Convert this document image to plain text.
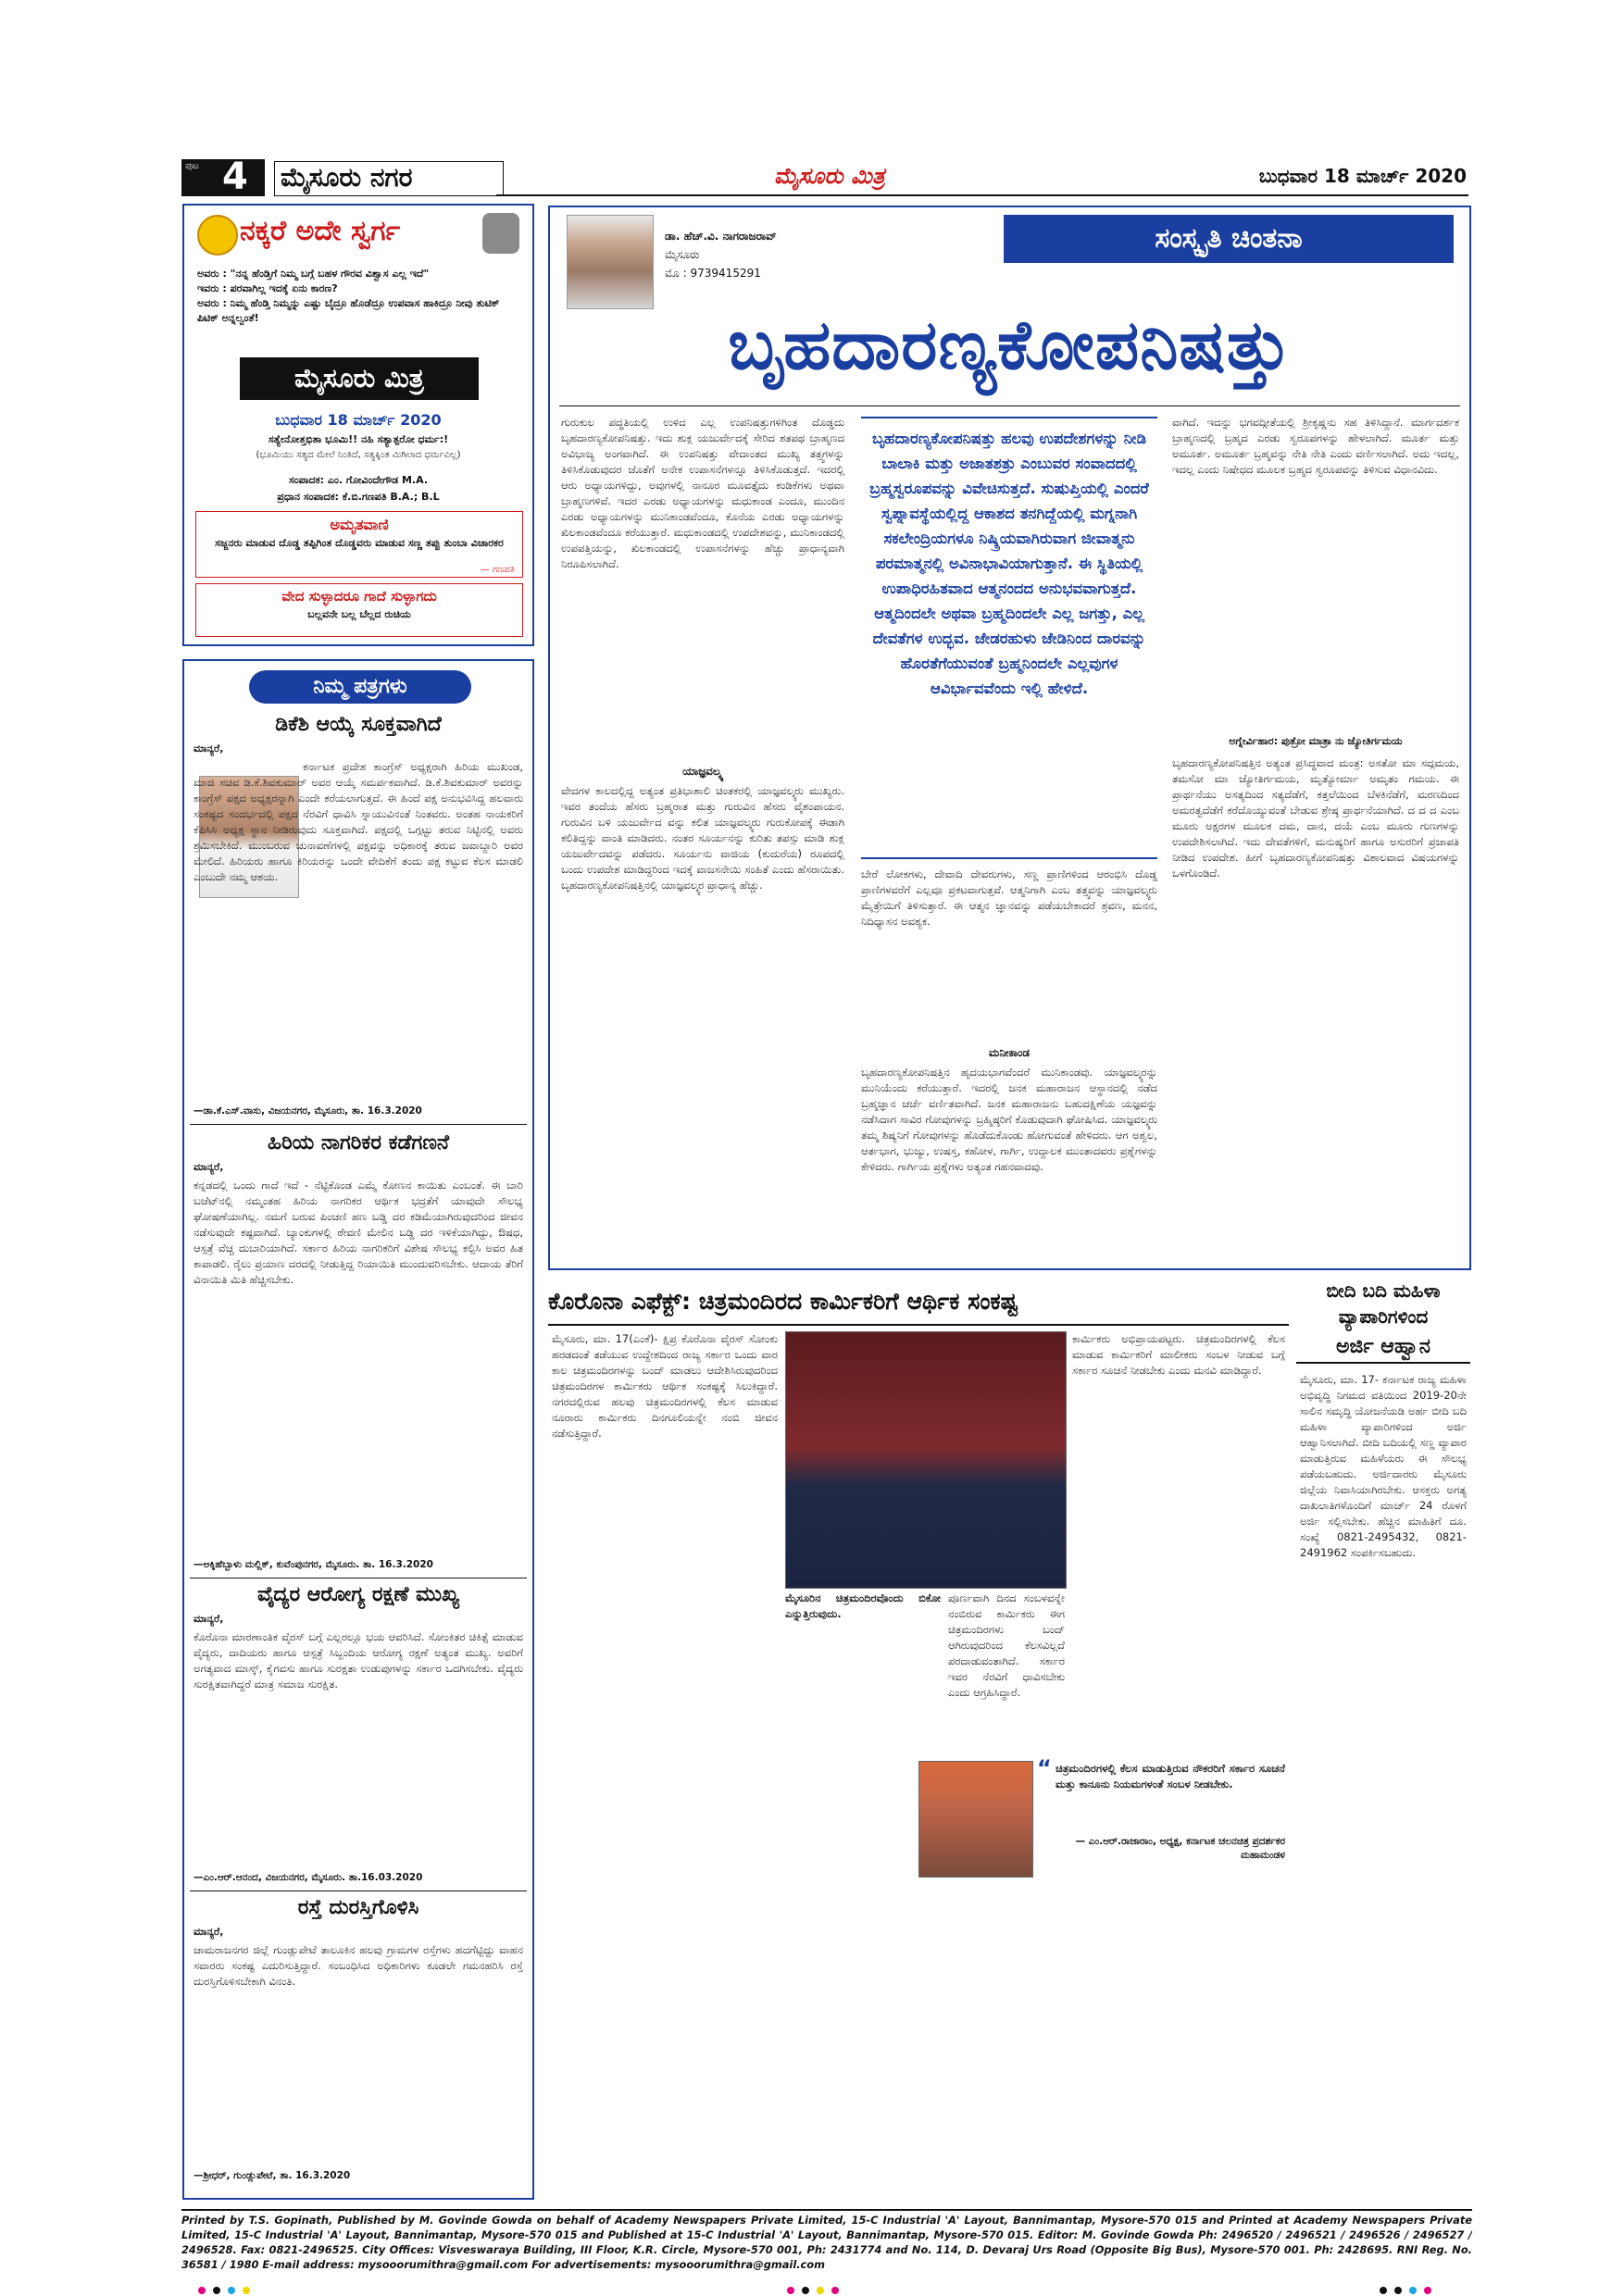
ಪುಟ 4 ಮೈಸೂರು ನಗರ	ಮೈಸೂರು ಮಿತ್ರ	ಬುಧವಾರ 18 ಮಾರ್ಚ್ 2020
ನಕ್ಕರೆ ಅದೇ ಸ್ವರ್ಗ
ಅವರು : "ನನ್ನ ಹೆಂಡ್ತಿಗೆ ನಿಮ್ಮ ಬಗ್ಗೆ ಬಹಳ ಗೌರವ ವಿಶ್ವಾಸ ಎಲ್ಲ ಇದೆ"
ಇವರು : ಪರವಾಗಿಲ್ಲ ಇದಕ್ಕೆ ಏನು ಕಾರಣ?
ಅವರು : ನಿಮ್ಮ ಹೆಂಡ್ತಿ ನಿಮ್ಮನ್ನು ಎಷ್ಟು ಬೈದ್ರೂ ಹೊಡೆದ್ರೂ ಉಪವಾಸ ಹಾಕಿದ್ರೂ ನೀವು ತುಟಿಕ್ ಪಿಟಿಕ್ ಅನ್ನಲ್ವಂತೆ!
ಮೈಸೂರು ಮಿತ್ರ
ಬುಧವಾರ 18 ಮಾರ್ಚ್ 2020
ಸತ್ಯೇನೋತ್ತಭಿತಾ ಭೂಮಿ!! ನಹಿ ಸತ್ಯಾತ್ಪರೋ ಧರ್ಮ:!
(ಭೂಮಿಯು ಸತ್ಯದ ಮೇಲೆ ನಿಂತಿದೆ, ಸತ್ಯಕ್ಕಿಂತ ಮಿಗಿಲಾದ ಧರ್ಮವಿಲ್ಲ)
ಸಂಪಾದಕ: ಎಂ. ಗೋವಿಂದೇಗೌಡ M.A.
ಪ್ರಧಾನ ಸಂಪಾದಕ: ಕೆ.ಬಿ.ಗಣಪತಿ B.A.; B.L
ಅಮೃತವಾಣಿ
ಸಜ್ಜನರು ಮಾಡುವ ದೊಡ್ಡ ತಪ್ಪಿಗಿಂತ ದೊಡ್ಡವರು ಮಾಡುವ ಸಣ್ಣ ತಪ್ಪು ತುಂಬಾ ವಿಚಾರಕರ
— ಗಣಪತಿ
ವೇದ ಸುಳ್ಳಾದರೂ ಗಾದೆ ಸುಳ್ಳಾಗದು
ಬಲ್ಲವನೇ ಬಲ್ಲ ಬೆಲ್ಲದ ರುಚಿಯ
ನಿಮ್ಮ ಪತ್ರಗಳು
ಡಿಕೆಶಿ ಆಯ್ಕೆ ಸೂಕ್ತವಾಗಿದೆ
ಮಾನ್ಯರೆ,
ಕರ್ನಾಟಕ ಪ್ರದೇಶ ಕಾಂಗ್ರೆಸ್ ಅಧ್ಯಕ್ಷರಾಗಿ ಹಿರಿಯ ಮುಖಂಡ, ಮಾಜಿ ಸಚಿವ ಡಿ.ಕೆ.ಶಿವಕುಮಾರ್ ಅವರ ಆಯ್ಕೆ ಸಮರ್ಪಕವಾಗಿದೆ. ಡಿ.ಕೆ.ಶಿವಕುಮಾರ್ ಅವರನ್ನು ಕಾಂಗ್ರೆಸ್ ಪಕ್ಷದ ಅಧ್ಯಕ್ಷರನ್ನಾಗಿ ಎಂದೇ ಕರೆಯಲಾಗುತ್ತದೆ. ಈ ಹಿಂದೆ ಪಕ್ಷ ಅನುಭವಿಸಿದ್ದ ಹಲವಾರು ಸಂಕಷ್ಟದ ಸಂದರ್ಭದಲ್ಲಿ ಪಕ್ಷದ ನೆರವಿಗೆ ಧಾವಿಸಿ ಸ್ನಾಯುವಿನಂತೆ ನಿಂತವರು. ಅಂತಹ ನಾಯಕರಿಗೆ ಕೆಪಿಸಿಸಿ ಅಧ್ಯಕ್ಷ ಸ್ಥಾನ ನೀಡಿರುವುದು ಸೂಕ್ತವಾಗಿದೆ. ಪಕ್ಷದಲ್ಲಿ ಒಗ್ಗಟ್ಟು ತರುವ ನಿಟ್ಟಿನಲ್ಲಿ ಅವರು ಶ್ರಮಿಸಬೇಕಿದೆ. ಮುಂಬರುವ ಚುನಾವಣೆಗಳಲ್ಲಿ ಪಕ್ಷವನ್ನು ಅಧಿಕಾರಕ್ಕೆ ತರುವ ಜವಾಬ್ದಾರಿ ಅವರ ಮೇಲಿದೆ. ಹಿರಿಯರು ಹಾಗೂ ಕಿರಿಯರನ್ನು ಒಂದೇ ವೇದಿಕೆಗೆ ತಂದು ಪಕ್ಷ ಕಟ್ಟುವ ಕೆಲಸ ಮಾಡಲಿ ಎಂಬುದೇ ನಮ್ಮ ಆಶಯ.
—ಡಾ.ಕೆ.ಎಸ್.ವಾಸು, ವಿಜಯನಗರ, ಮೈಸೂರು, ತಾ. 16.3.2020
ಹಿರಿಯ ನಾಗರಿಕರ ಕಡೆಗಣನೆ
ಮಾನ್ಯರೆ,
ಕನ್ನಡದಲ್ಲಿ ಒಂದು ಗಾದೆ ಇದೆ - ನೆಟ್ಟಿಕೊಂಡ ಎಮ್ಮೆ ಕೋಣನ ಕಾಯಿತು ಎಂಬಂತೆ. ಈ ಬಾರಿ ಬಜೆಟ್‌ನಲ್ಲಿ ನಮ್ಮಂತಹ ಹಿರಿಯ ನಾಗರಿಕರ ಆರ್ಥಿಕ ಭದ್ರತೆಗೆ ಯಾವುದೇ ಸೌಲಭ್ಯ ಘೋಷಣೆಯಾಗಿಲ್ಲ. ನಮಗೆ ಬರುವ ಪಿಂಚಣಿ ಹಣ ಬಡ್ಡಿ ದರ ಕಡಿಮೆಯಾಗಿರುವುದರಿಂದ ಜೀವನ ನಡೆಸುವುದೇ ಕಷ್ಟವಾಗಿದೆ. ಬ್ಯಾಂಕುಗಳಲ್ಲಿ ಠೇವಣಿ ಮೇಲಿನ ಬಡ್ಡಿ ದರ ಇಳಿಕೆಯಾಗಿದ್ದು, ಔಷಧ, ಆಸ್ಪತ್ರೆ ವೆಚ್ಚ ದುಬಾರಿಯಾಗಿದೆ. ಸರ್ಕಾರ ಹಿರಿಯ ನಾಗರಿಕರಿಗೆ ವಿಶೇಷ ಸೌಲಭ್ಯ ಕಲ್ಪಿಸಿ ಅವರ ಹಿತ ಕಾಪಾಡಲಿ. ರೈಲು ಪ್ರಯಾಣ ದರದಲ್ಲಿ ನೀಡುತ್ತಿದ್ದ ರಿಯಾಯಿತಿ ಮುಂದುವರಿಸಬೇಕು. ಆದಾಯ ತೆರಿಗೆ ವಿನಾಯಿತಿ ಮಿತಿ ಹೆಚ್ಚಿಸಬೇಕು.
—ಅಕ್ಕಿಹೆಬ್ಬಾಳು ಮಲ್ಲಿಕ್, ಕುವೆಂಪುನಗರ, ಮೈಸೂರು. ತಾ. 16.3.2020
ವೈದ್ಯರ ಆರೋಗ್ಯ ರಕ್ಷಣೆ ಮುಖ್ಯ
ಮಾನ್ಯರೆ,
ಕೊರೊನಾ ಮಾರಣಾಂತಿಕ ವೈರಸ್ ಬಗ್ಗೆ ಎಲ್ಲರಲ್ಲೂ ಭಯ ಆವರಿಸಿದೆ. ಸೋಂಕಿತರ ಚಿಕಿತ್ಸೆ ಮಾಡುವ ವೈದ್ಯರು, ದಾದಿಯರು ಹಾಗೂ ಆಸ್ಪತ್ರೆ ಸಿಬ್ಬಂದಿಯ ಆರೋಗ್ಯ ರಕ್ಷಣೆ ಅತ್ಯಂತ ಮುಖ್ಯ. ಅವರಿಗೆ ಅಗತ್ಯವಾದ ಮಾಸ್ಕ್, ಕೈಗವಸು ಹಾಗೂ ಸುರಕ್ಷತಾ ಉಡುಪುಗಳನ್ನು ಸರ್ಕಾರ ಒದಗಿಸಬೇಕು. ವೈದ್ಯರು ಸುರಕ್ಷಿತವಾಗಿದ್ದರೆ ಮಾತ್ರ ಸಮಾಜ ಸುರಕ್ಷಿತ.
—ಎಂ.ಆರ್.ಆನಂದ, ವಿಜಯನಗರ, ಮೈಸೂರು. ತಾ.16.03.2020
ರಸ್ತೆ ದುರಸ್ತಿಗೊಳಿಸಿ
ಮಾನ್ಯರೆ,
ಚಾಮರಾಜನಗರ ಜಿಲ್ಲೆ ಗುಂಡ್ಲುಪೇಟೆ ತಾಲೂಕಿನ ಹಲವು ಗ್ರಾಮಗಳ ರಸ್ತೆಗಳು ಹದಗೆಟ್ಟಿದ್ದು ವಾಹನ ಸವಾರರು ಸಂಕಷ್ಟ ಎದುರಿಸುತ್ತಿದ್ದಾರೆ. ಸಂಬಂಧಿಸಿದ ಅಧಿಕಾರಿಗಳು ಕೂಡಲೇ ಗಮನಹರಿಸಿ ರಸ್ತೆ ದುರಸ್ತಿಗೊಳಿಸಬೇಕಾಗಿ ವಿನಂತಿ.
—ಶ್ರೀಧರ್, ಗುಂಡ್ಲುಪೇಟೆ, ತಾ. 16.3.2020
ಡಾ. ಹೆಚ್.ವಿ. ನಾಗರಾಜರಾವ್
ಮೈಸೂರು
ಮೊ : 9739415291
ಸಂಸ್ಕೃತಿ ಚಿಂತನಾ
ಬೃಹದಾರಣ್ಯಕೋಪನಿಷತ್ತು
ಗುರುಕುಲ ಪದ್ಧತಿಯಲ್ಲಿ ಉಳಿದ ಎಲ್ಲ ಉಪನಿಷತ್ತುಗಳಿಗಿಂತ ದೊಡ್ಡದು ಬೃಹದಾರಣ್ಯಕೋಪನಿಷತ್ತು. ಇದು ಶುಕ್ಲ ಯಜುರ್ವೇದಕ್ಕೆ ಸೇರಿದ ಶತಪಥ ಬ್ರಾಹ್ಮಣದ ಅವಿಭಾಜ್ಯ ಅಂಗವಾಗಿದೆ. ಈ ಉಪನಿಷತ್ತು ವೇದಾಂತದ ಮುಖ್ಯ ತತ್ತ್ವಗಳನ್ನು ತಿಳಿಸಿಕೊಡುವುದರ ಜೊತೆಗೆ ಅನೇಕ ಉಪಾಸನೆಗಳನ್ನೂ ತಿಳಿಸಿಕೊಡುತ್ತದೆ. ಇದರಲ್ಲಿ ಆರು ಅಧ್ಯಾಯಗಳಿದ್ದು, ಅವುಗಳಲ್ಲಿ ನಾನೂರ ಮೂವತ್ತೈದು ಕಂಡಿಕೆಗಳು ಅಥವಾ ಬ್ರಾಹ್ಮಣಗಳಿವೆ. ಇದರ ಎರಡು ಅಧ್ಯಾಯಗಳನ್ನು ಮಧುಕಾಂಡ ಎಂದೂ, ಮುಂದಿನ ಎರಡು ಅಧ್ಯಾಯಗಳನ್ನು ಮುನಿಕಾಂಡವೆಂದೂ, ಕೊನೆಯ ಎರಡು ಅಧ್ಯಾಯಗಳನ್ನು ಖಿಲಕಾಂಡವೆಂದೂ ಕರೆಯುತ್ತಾರೆ. ಮಧುಕಾಂಡದಲ್ಲಿ ಉಪದೇಶವನ್ನು, ಮುನಿಕಾಂಡದಲ್ಲಿ ಉಪಪತ್ತಿಯನ್ನು, ಖಿಲಕಾಂಡದಲ್ಲಿ ಉಪಾಸನೆಗಳನ್ನು ಹೆಚ್ಚು ಪ್ರಾಧಾನ್ಯವಾಗಿ ನಿರೂಪಿಸಲಾಗಿದೆ.
ಯಾಜ್ಞವಲ್ಕ್ಯ
ವೇದಗಳ ಕಾಲದಲ್ಲಿದ್ದ ಅತ್ಯಂತ ಪ್ರತಿಭಾಶಾಲಿ ಚಿಂತಕರಲ್ಲಿ ಯಾಜ್ಞವಲ್ಕ್ಯರು ಮುಖ್ಯರು. ಇವರ ತಂದೆಯ ಹೆಸರು ಬ್ರಹ್ಮರಾತ ಮತ್ತು ಗುರುವಿನ ಹೆಸರು ವೈಶಂಪಾಯನ. ಗುರುವಿನ ಬಳಿ ಯಜುರ್ವೇದ ವನ್ನು ಕಲಿತ ಯಾಜ್ಞವಲ್ಕ್ಯರು ಗುರುಕೋಪಕ್ಕೆ ಈಡಾಗಿ ಕಲಿತಿದ್ದನ್ನು ವಾಂತಿ ಮಾಡಿದರು. ನಂತರ ಸೂರ್ಯನನ್ನು ಕುರಿತು ತಪಸ್ಸು ಮಾಡಿ ಶುಕ್ಲ ಯಜುರ್ವೇದವನ್ನು ಪಡೆದರು. ಸೂರ್ಯನು ವಾಜಿಯ (ಕುದುರೆಯ) ರೂಪದಲ್ಲಿ ಬಂದು ಉಪದೇಶ ಮಾಡಿದ್ದರಿಂದ ಇದಕ್ಕೆ ವಾಜಸನೇಯಿ ಸಂಹಿತೆ ಎಂದು ಹೆಸರಾಯಿತು. ಬೃಹದಾರಣ್ಯಕೋಪನಿಷತ್ತಿನಲ್ಲಿ ಯಾಜ್ಞವಲ್ಕ್ಯರ ಪ್ರಾಧಾನ್ಯ ಹೆಚ್ಚು.
ಬೃಹದಾರಣ್ಯಕೋಪನಿಷತ್ತು ಹಲವು ಉಪದೇಶಗಳನ್ನು ನೀಡಿ ಬಾಲಾಕಿ ಮತ್ತು ಅಜಾತಶತ್ರು ಎಂಬುವರ ಸಂವಾದದಲ್ಲಿ ಬ್ರಹ್ಮಸ್ವರೂಪವನ್ನು ವಿವೇಚಿಸುತ್ತದೆ. ಸುಷುಪ್ತಿಯಲ್ಲಿ ಎಂದರೆ ಸ್ವಪ್ನಾವಸ್ಥೆಯಲ್ಲಿದ್ದ ಆಕಾಶದ ತನಗಿದ್ದೆಯಲ್ಲಿ ಮಗ್ನನಾಗಿ ಸಕಲೇಂದ್ರಿಯಗಳೂ ನಿಷ್ಕ್ರಿಯವಾಗಿರುವಾಗ ಜೀವಾತ್ಮನು ಪರಮಾತ್ಮನಲ್ಲಿ ಅವಿನಾಭಾವಿಯಾಗುತ್ತಾನೆ. ಈ ಸ್ಥಿತಿಯಲ್ಲಿ ಉಪಾಧಿರಹಿತವಾದ ಆತ್ಮನಂದದ ಅನುಭವವಾಗುತ್ತದೆ. ಆತ್ಮದಿಂದಲೇ ಅಥವಾ ಬ್ರಹ್ಮದಿಂದಲೇ ಎಲ್ಲ ಜಗತ್ತು, ಎಲ್ಲ ದೇವತೆಗಳ ಉದ್ಭವ. ಜೇಡರಹುಳು ಜೇಡಿನಿಂದ ದಾರವನ್ನು ಹೊರತೆಗೆಯುವಂತೆ ಬ್ರಹ್ಮನಿಂದಲೇ ಎಲ್ಲವುಗಳ ಆವಿರ್ಭಾವವೆಂದು ಇಲ್ಲಿ ಹೇಳಿದೆ.
ಬೇರೆ ಲೋಕಗಳು, ದೇವಾದಿ ದೇವರುಗಳು, ಸಣ್ಣ ಪ್ರಾಣಿಗಳಿಂದ ಆರಂಭಿಸಿ ದೊಡ್ಡ ಪ್ರಾಣಿಗಳವರೆಗೆ ಎಲ್ಲವೂ ಪ್ರಕಟವಾಗುತ್ತವೆ. ಆತ್ಮನಿಗಾಗಿ ಎಂಬ ತತ್ತ್ವವನ್ನು ಯಾಜ್ಞವಲ್ಕ್ಯರು ಮೈತ್ರೇಯಿಗೆ ತಿಳಿಸುತ್ತಾರೆ. ಈ ಆತ್ಮನ ಜ್ಞಾನವನ್ನು ಪಡೆಯಬೇಕಾದರೆ ಶ್ರವಣ, ಮನನ, ನಿದಿಧ್ಯಾಸನ ಅವಶ್ಯಕ.
ಮನೀಕಾಂಡ
ಬೃಹದಾರಣ್ಯಕೋಪನಿಷತ್ತಿನ ಹೃದಯಭಾಗವೆಂದರೆ ಮುನಿಕಾಂಡವು. ಯಾಜ್ಞವಲ್ಕ್ಯರನ್ನು ಮುನಿಯೆಂದು ಕರೆಯುತ್ತಾರೆ. ಇದರಲ್ಲಿ ಜನಕ ಮಹಾರಾಜನ ಆಸ್ಥಾನದಲ್ಲಿ ನಡೆದ ಬ್ರಹ್ಮಜ್ಞಾನ ಚರ್ಚೆ ವರ್ಣಿತವಾಗಿದೆ. ಜನಕ ಮಹಾರಾಜನು ಬಹುದಕ್ಷಿಣೆಯ ಯಜ್ಞವನ್ನು ನಡೆಸಿದಾಗ ಸಾವಿರ ಗೋವುಗಳನ್ನು ಬ್ರಹ್ಮಿಷ್ಠರಿಗೆ ಕೊಡುವುದಾಗಿ ಘೋಷಿಸಿದ. ಯಾಜ್ಞವಲ್ಕ್ಯರು ತಮ್ಮ ಶಿಷ್ಯನಿಗೆ ಗೋವುಗಳನ್ನು ಹೊಡೆದುಕೊಂಡು ಹೋಗುವಂತೆ ಹೇಳಿದರು. ಆಗ ಅಶ್ವಲ, ಆರ್ತಭಾಗ, ಭುಜ್ಯು, ಉಷಸ್ತ, ಕಹೋಳ, ಗಾರ್ಗಿ, ಉದ್ದಾಲಕ ಮುಂತಾದವರು ಪ್ರಶ್ನೆಗಳನ್ನು ಕೇಳಿದರು. ಗಾರ್ಗಿಯ ಪ್ರಶ್ನೆಗಳು ಅತ್ಯಂತ ಗಹನವಾದವು.
ವಾಗಿದೆ. ಇದನ್ನು ಭಗವದ್ಗೀತೆಯಲ್ಲಿ ಶ್ರೀಕೃಷ್ಣನು ಸಹ ತಿಳಿಸಿದ್ದಾನೆ. ಮಾರ್ಗದರ್ಶಕ ಬ್ರಾಹ್ಮಣದಲ್ಲಿ ಬ್ರಹ್ಮದ ಎರಡು ಸ್ವರೂಪಗಳನ್ನು ಹೇಳಲಾಗಿದೆ. ಮೂರ್ತ ಮತ್ತು ಅಮೂರ್ತ. ಅಮೂರ್ತ ಬ್ರಹ್ಮವನ್ನು ನೇತಿ ನೇತಿ ಎಂದು ವರ್ಣಿಸಲಾಗಿದೆ. ಅದು ಇದಲ್ಲ, ಇದಲ್ಲ ಎಂದು ನಿಷೇಧದ ಮೂಲಕ ಬ್ರಹ್ಮದ ಸ್ವರೂಪವನ್ನು ತಿಳಿಸುವ ವಿಧಾನವಿದು.
ಅಗ್ನೇರ್ವಿಹಾರ: ಪುತ್ರೋ ಮಾತ್ರಾ ನು ಜ್ಯೋತಿರ್ಗಮಯ
ಬೃಹದಾರಣ್ಯಕೋಪನಿಷತ್ತಿನ ಅತ್ಯಂತ ಪ್ರಸಿದ್ಧವಾದ ಮಂತ್ರ: ಅಸತೋ ಮಾ ಸದ್ಗಮಯ, ತಮಸೋ ಮಾ ಜ್ಯೋತಿರ್ಗಮಯ, ಮೃತ್ಯೋರ್ಮಾ ಅಮೃತಂ ಗಮಯ. ಈ ಪ್ರಾರ್ಥನೆಯು ಅಸತ್ಯದಿಂದ ಸತ್ಯದೆಡೆಗೆ, ಕತ್ತಲೆಯಿಂದ ಬೆಳಕಿನೆಡೆಗೆ, ಮರಣದಿಂದ ಅಮರತ್ವದೆಡೆಗೆ ಕರೆದೊಯ್ಯುವಂತೆ ಬೇಡುವ ಶ್ರೇಷ್ಠ ಪ್ರಾರ್ಥನೆಯಾಗಿದೆ. ದ ದ ದ ಎಂಬ ಮೂರು ಅಕ್ಷರಗಳ ಮೂಲಕ ದಮ, ದಾನ, ದಯೆ ಎಂಬ ಮೂರು ಗುಣಗಳನ್ನು ಉಪದೇಶಿಸಲಾಗಿದೆ. ಇದು ದೇವತೆಗಳಿಗೆ, ಮನುಷ್ಯರಿಗೆ ಹಾಗೂ ಅಸುರರಿಗೆ ಪ್ರಜಾಪತಿ ನೀಡಿದ ಉಪದೇಶ. ಹೀಗೆ ಬೃಹದಾರಣ್ಯಕೋಪನಿಷತ್ತು ವಿಶಾಲವಾದ ವಿಷಯಗಳನ್ನು ಒಳಗೊಂಡಿದೆ.
ಕೊರೊನಾ ಎಫೆಕ್ಟ್: ಚಿತ್ರಮಂದಿರದ ಕಾರ್ಮಿಕರಿಗೆ ಆರ್ಥಿಕ ಸಂಕಷ್ಟ
ಮೈಸೂರು, ಮಾ. 17(ಎಂಕೆ)- ಕ್ಷಿಪ್ರ ಕೊರೊನಾ ವೈರಸ್ ಸೋಂಕು ಹರಡದಂತೆ ತಡೆಯುವ ಉದ್ದೇಶದಿಂದ ರಾಜ್ಯ ಸರ್ಕಾರ ಒಂದು ವಾರ ಕಾಲ ಚಿತ್ರಮಂದಿರಗಳನ್ನು ಬಂದ್ ಮಾಡಲು ಆದೇಶಿಸಿರುವುದರಿಂದ ಚಿತ್ರಮಂದಿರಗಳ ಕಾರ್ಮಿಕರು ಆರ್ಥಿಕ ಸಂಕಷ್ಟಕ್ಕೆ ಸಿಲುಕಿದ್ದಾರೆ. ನಗರದಲ್ಲಿರುವ ಹಲವು ಚಿತ್ರಮಂದಿರಗಳಲ್ಲಿ ಕೆಲಸ ಮಾಡುವ ನೂರಾರು ಕಾರ್ಮಿಕರು ದಿನಗೂಲಿಯನ್ನೇ ನಂಬಿ ಜೀವನ ನಡೆಸುತ್ತಿದ್ದಾರೆ.
ಮೈಸೂರಿನ ಚಿತ್ರಮಂದಿರವೊಂದು ಬಿಕೋ ಎನ್ನುತ್ತಿರುವುದು.
ಪೂರ್ಣವಾಗಿ ದಿನದ ಸಂಬಳವನ್ನೇ ನಂಬಿರುವ ಕಾರ್ಮಿಕರು ಈಗ ಚಿತ್ರಮಂದಿರಗಳು ಬಂದ್ ಆಗಿರುವುದರಿಂದ ಕೆಲಸವಿಲ್ಲದೆ ಪರದಾಡುವಂತಾಗಿದೆ. ಸರ್ಕಾರ ಇವರ ನೆರವಿಗೆ ಧಾವಿಸಬೇಕು ಎಂದು ಆಗ್ರಹಿಸಿದ್ದಾರೆ.
ಕಾರ್ಮಿಕರು ಅಭಿಪ್ರಾಯಪಟ್ಟರು. ಚಿತ್ರಮಂದಿರಗಳಲ್ಲಿ ಕೆಲಸ ಮಾಡುವ ಕಾರ್ಮಿಕರಿಗೆ ಮಾಲೀಕರು ಸಂಬಳ ನೀಡುವ ಬಗ್ಗೆ ಸರ್ಕಾರ ಸೂಚನೆ ನೀಡಬೇಕು ಎಂದು ಮನವಿ ಮಾಡಿದ್ದಾರೆ.
“ ಚಿತ್ರಮಂದಿರಗಳಲ್ಲಿ ಕೆಲಸ ಮಾಡುತ್ತಿರುವ ನೌಕರರಿಗೆ ಸರ್ಕಾರ ಸೂಚನೆ ಮತ್ತು ಕಾನೂನು ನಿಯಮಗಳಂತೆ ಸಂಬಳ ನೀಡಬೇಕು.
— ಎಂ.ಆರ್.ರಾಜಾರಾಂ, ಅಧ್ಯಕ್ಷ, ಕರ್ನಾಟಕ ಚಲನಚಿತ್ರ ಪ್ರದರ್ಶಕರ ಮಹಾಮಂಡಳ
ಬೀದಿ ಬದಿ ಮಹಿಳಾ
ವ್ಯಾಪಾರಿಗಳಿಂದ
ಅರ್ಜಿ ಆಹ್ವಾನ
ಮೈಸೂರು, ಮಾ. 17- ಕರ್ನಾಟಕ ರಾಜ್ಯ ಮಹಿಳಾ ಅಭಿವೃದ್ಧಿ ನಿಗಮದ ವತಿಯಿಂದ 2019-20ನೇ ಸಾಲಿನ ಸಮೃದ್ಧಿ ಯೋಜನೆಯಡಿ ಅರ್ಹ ಬೀದಿ ಬದಿ ಮಹಿಳಾ ವ್ಯಾಪಾರಿಗಳಿಂದ ಅರ್ಜಿ ಆಹ್ವಾನಿಸಲಾಗಿದೆ. ಬೀದಿ ಬದಿಯಲ್ಲಿ ಸಣ್ಣ ವ್ಯಾಪಾರ ಮಾಡುತ್ತಿರುವ ಮಹಿಳೆಯರು ಈ ಸೌಲಭ್ಯ ಪಡೆಯಬಹುದು. ಅರ್ಜಿದಾರರು ಮೈಸೂರು ಜಿಲ್ಲೆಯ ನಿವಾಸಿಯಾಗಿರಬೇಕು. ಆಸಕ್ತರು ಅಗತ್ಯ ದಾಖಲಾತಿಗಳೊಂದಿಗೆ ಮಾರ್ಚ್ 24 ರೊಳಗೆ ಅರ್ಜಿ ಸಲ್ಲಿಸಬೇಕು. ಹೆಚ್ಚಿನ ಮಾಹಿತಿಗೆ ದೂ. ಸಂಖ್ಯೆ 0821-2495432, 0821-2491962 ಸಂಪರ್ಕಿಸಬಹುದು.
Printed by T.S. Gopinath, Published by M. Govinde Gowda on behalf of Academy Newspapers Private Limited, 15-C Industrial 'A' Layout, Bannimantap, Mysore-570 015 and Printed at Academy Newspapers Private Limited, 15-C Industrial 'A' Layout, Bannimantap, Mysore-570 015 and Published at 15-C Industrial 'A' Layout, Bannimantap, Mysore-570 015. Editor: M. Govinde Gowda Ph: 2496520 / 2496521 / 2496526 / 2496527 / 2496528. Fax: 0821-2496525. City Offices: Visveswaraya Building, III Floor, K.R. Circle, Mysore-570 001, Ph: 2431774 and No. 114, D. Devaraj Urs Road (Opposite Big Bus), Mysore-570 001. Ph: 2428695. RNI Reg. No. 36581 / 1980 E-mail address: mysooorumithra@gmail.com For advertisements: mysooorumithra@gmail.com
